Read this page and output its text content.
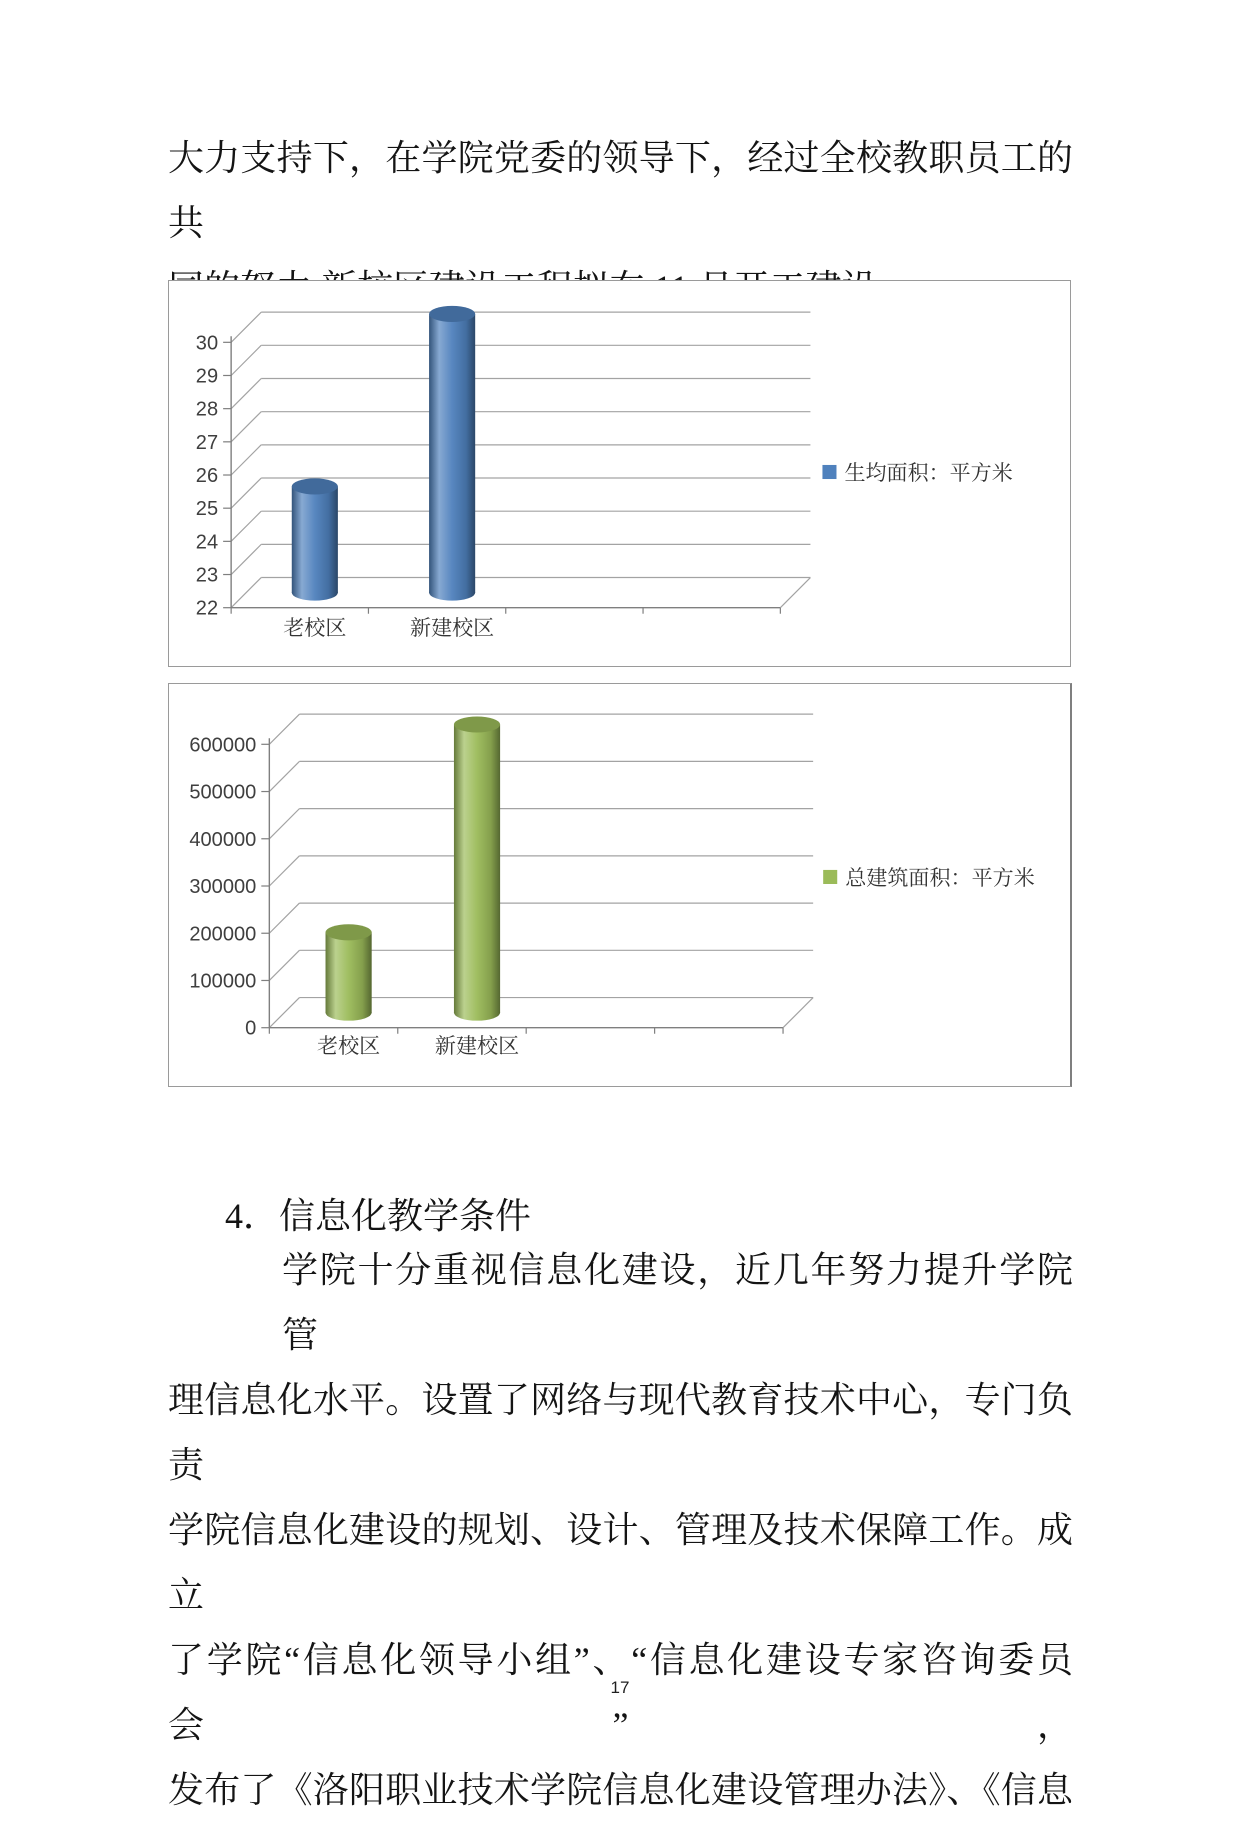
大力支持下，在学院党委的领导下，经过全校教职员工的共
22
23
24
25
26
27
28
29
30
老校区	新建校区
生均面积：平方米
0
100000
200000
300000
400000
500000
600000
老校区	新建校区
总建筑面积：平方米
4．信息化教学条件
学院十分重视信息化建设，近几年努力提升学院管
理信息化水平。设置了网络与现代教育技术中心，专门负责
学院信息化建设的规划、设计、管理及技术保障工作。成立
了学院“信息化领导小组”、“信息化建设专家咨询委员会”，
发布了《洛阳职业技术学院信息化建设管理办法》、《信息
17
